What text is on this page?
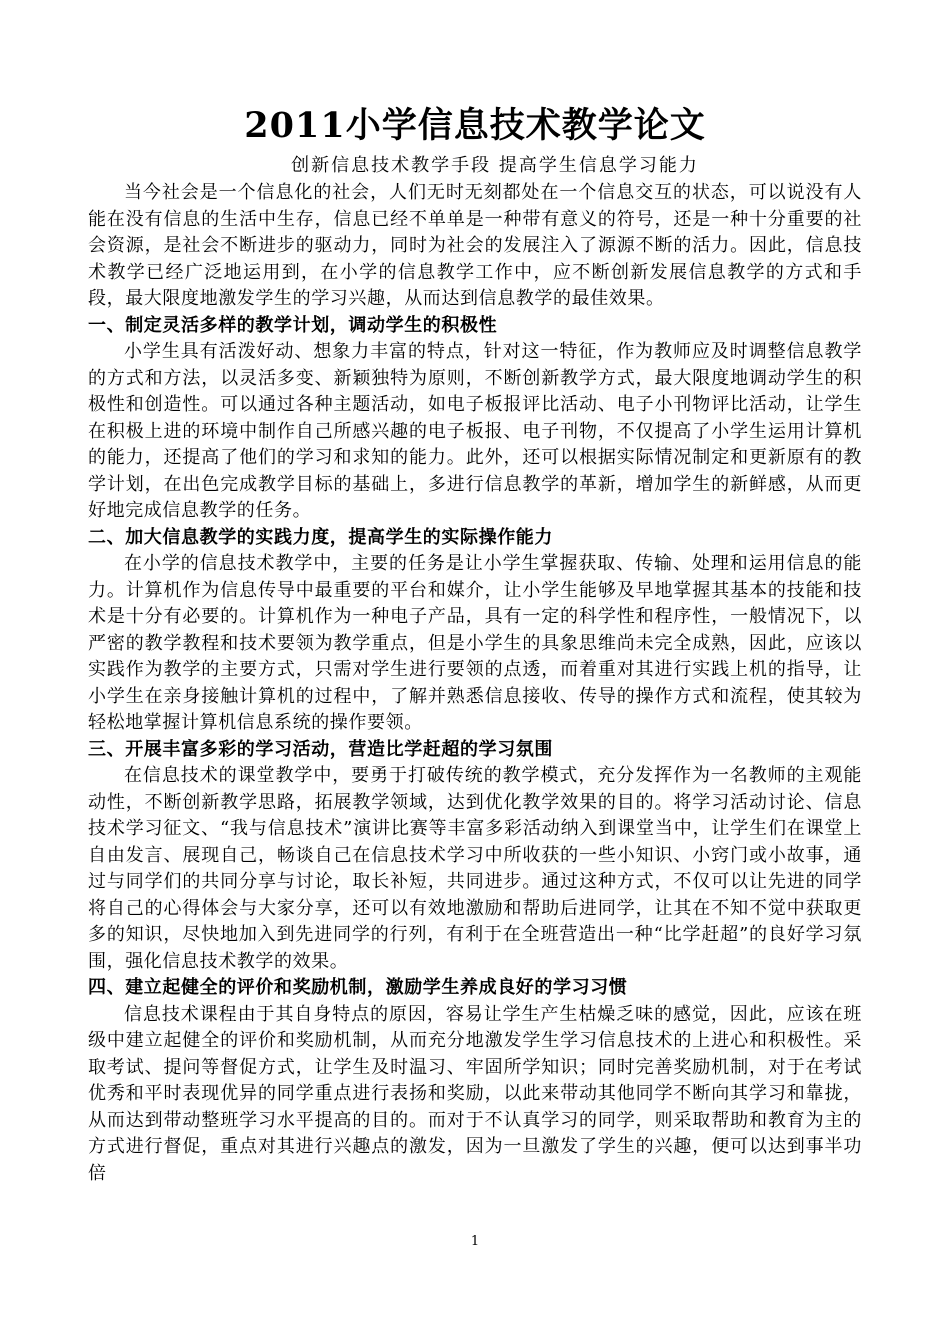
2011小学信息技术教学论文

创新信息技术教学手段 提高学生信息学习能力

当今社会是一个信息化的社会，人们无时无刻都处在一个信息交互的状态，可以说没有人能在没有信息的生活中生存，信息已经不单单是一种带有意义的符号，还是一种十分重要的社会资源，是社会不断进步的驱动力，同时为社会的发展注入了源源不断的活力。因此，信息技术教学已经广泛地运用到，在小学的信息教学工作中，应不断创新发展信息教学的方式和手段，最大限度地激发学生的学习兴趣，从而达到信息教学的最佳效果。

一、制定灵活多样的教学计划，调动学生的积极性

小学生具有活泼好动、想象力丰富的特点，针对这一特征，作为教师应及时调整信息教学的方式和方法，以灵活多变、新颖独特为原则，不断创新教学方式，最大限度地调动学生的积极性和创造性。可以通过各种主题活动，如电子板报评比活动、电子小刊物评比活动，让学生在积极上进的环境中制作自己所感兴趣的电子板报、电子刊物，不仅提高了小学生运用计算机的能力，还提高了他们的学习和求知的能力。此外，还可以根据实际情况制定和更新原有的教学计划，在出色完成教学目标的基础上，多进行信息教学的革新，增加学生的新鲜感，从而更好地完成信息教学的任务。

二、加大信息教学的实践力度，提高学生的实际操作能力

在小学的信息技术教学中，主要的任务是让小学生掌握获取、传输、处理和运用信息的能力。计算机作为信息传导中最重要的平台和媒介，让小学生能够及早地掌握其基本的技能和技术是十分有必要的。计算机作为一种电子产品，具有一定的科学性和程序性，一般情况下，以严密的教学教程和技术要领为教学重点，但是小学生的具象思维尚未完全成熟，因此，应该以实践作为教学的主要方式，只需对学生进行要领的点透，而着重对其进行实践上机的指导，让小学生在亲身接触计算机的过程中，了解并熟悉信息接收、传导的操作方式和流程，使其较为轻松地掌握计算机信息系统的操作要领。

三、开展丰富多彩的学习活动，营造比学赶超的学习氛围

在信息技术的课堂教学中，要勇于打破传统的教学模式，充分发挥作为一名教师的主观能动性，不断创新教学思路，拓展教学领域，达到优化教学效果的目的。将学习活动讨论、信息技术学习征文、“我与信息技术”演讲比赛等丰富多彩活动纳入到课堂当中，让学生们在课堂上自由发言、展现自己，畅谈自己在信息技术学习中所收获的一些小知识、小窍门或小故事，通过与同学们的共同分享与讨论，取长补短，共同进步。通过这种方式，不仅可以让先进的同学将自己的心得体会与大家分享，还可以有效地激励和帮助后进同学，让其在不知不觉中获取更多的知识，尽快地加入到先进同学的行列，有利于在全班营造出一种“比学赶超”的良好学习氛围，强化信息技术教学的效果。

四、建立起健全的评价和奖励机制，激励学生养成良好的学习习惯

信息技术课程由于其自身特点的原因，容易让学生产生枯燥乏味的感觉，因此，应该在班级中建立起健全的评价和奖励机制，从而充分地激发学生学习信息技术的上进心和积极性。采取考试、提问等督促方式，让学生及时温习、牢固所学知识；同时完善奖励机制，对于在考试优秀和平时表现优异的同学重点进行表扬和奖励，以此来带动其他同学不断向其学习和靠拢，从而达到带动整班学习水平提高的目的。而对于不认真学习的同学，则采取帮助和教育为主的方式进行督促，重点对其进行兴趣点的激发，因为一旦激发了学生的兴趣，便可以达到事半功倍

1
